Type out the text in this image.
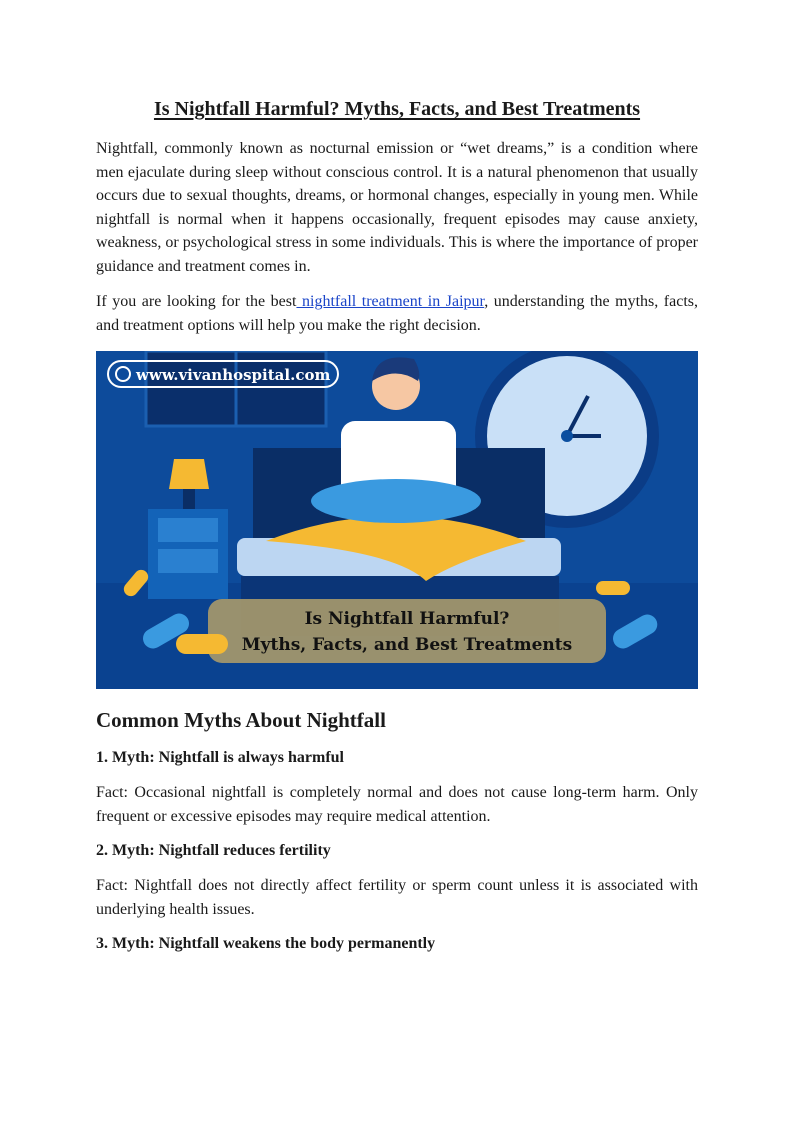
Is Nightfall Harmful? Myths, Facts, and Best Treatments

Nightfall, commonly known as nocturnal emission or “wet dreams,” is a condition where men ejaculate during sleep without conscious control. It is a natural phenomenon that usually occurs due to sexual thoughts, dreams, or hormonal changes, especially in young men. While nightfall is normal when it happens occasionally, frequent episodes may cause anxiety, weakness, or psychological stress in some individuals. This is where the importance of proper guidance and treatment comes in.

If you are looking for the best nightfall treatment in Jaipur, understanding the myths, facts, and treatment options will help you make the right decision.

www.vivanhospital.com
Is Nightfall Harmful?
Myths, Facts, and Best Treatments
Common Myths About Nightfall
1. Myth: Nightfall is always harmful

Fact: Occasional nightfall is completely normal and does not cause long-term harm. Only frequent or excessive episodes may require medical attention.

2. Myth: Nightfall reduces fertility

Fact: Nightfall does not directly affect fertility or sperm count unless it is associated with underlying health issues.

3. Myth: Nightfall weakens the body permanently
